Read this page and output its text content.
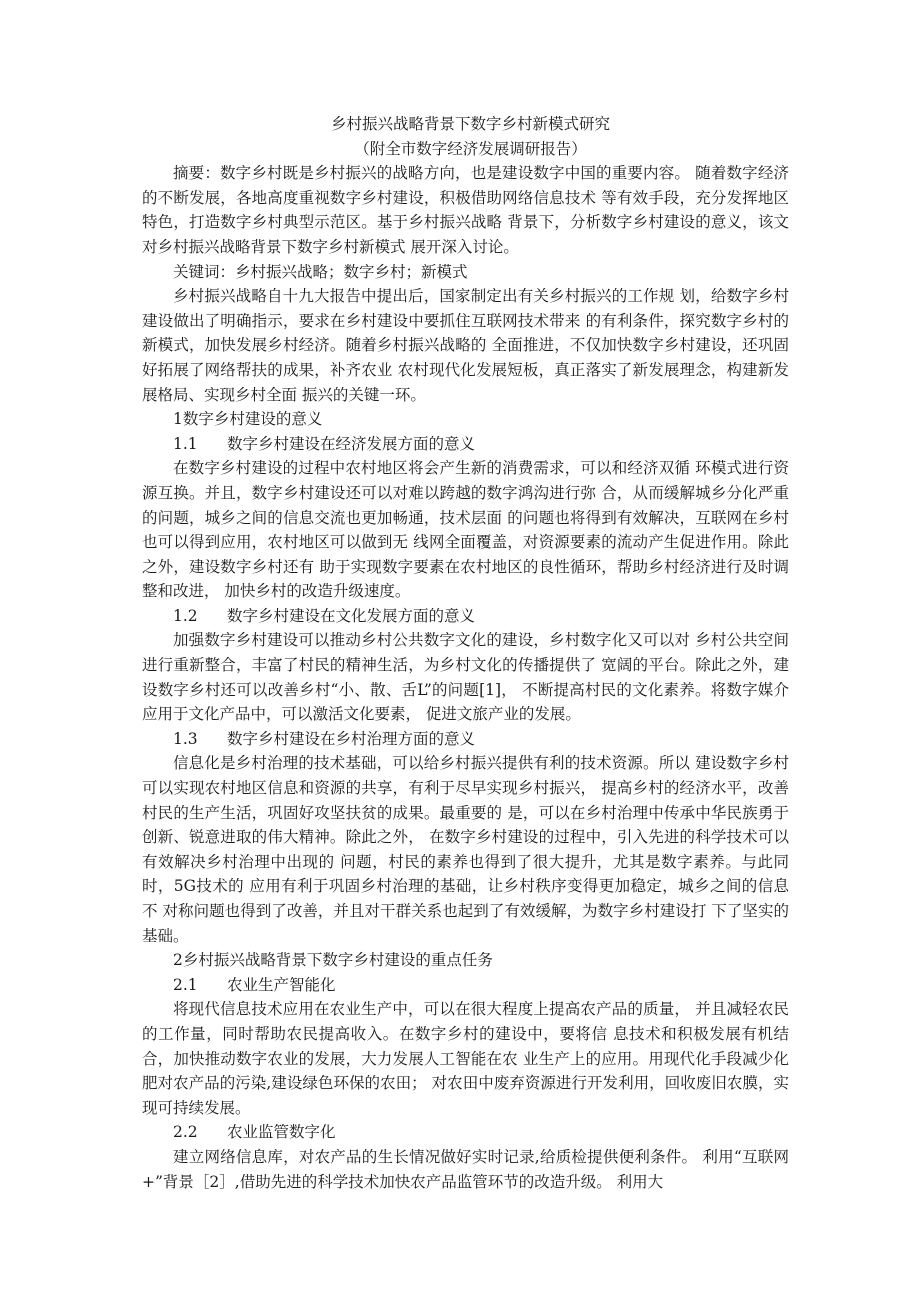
乡村振兴战略背景下数字乡村新模式研究

（附全市数字经济发展调研报告）

摘要：数字乡村既是乡村振兴的战略方向，也是建设数字中国的重要内容。 随着数字经济的不断发展，各地高度重视数字乡村建设，积极借助网络信息技术 等有效手段，充分发挥地区特色，打造数字乡村典型示范区。基于乡村振兴战略 背景下，分析数字乡村建设的意义，该文对乡村振兴战略背景下数字乡村新模式 展开深入讨论。

关键词：乡村振兴战略；数字乡村；新模式

乡村振兴战略自十九大报告中提出后，国家制定出有关乡村振兴的工作规 划，给数字乡村建设做出了明确指示，要求在乡村建设中要抓住互联网技术带来 的有利条件，探究数字乡村的新模式，加快发展乡村经济。随着乡村振兴战略的 全面推进，不仅加快数字乡村建设，还巩固好拓展了网络帮扶的成果，补齐农业 农村现代化发展短板，真正落实了新发展理念，构建新发展格局、实现乡村全面 振兴的关键一环。

1数字乡村建设的意义

1.1 数字乡村建设在经济发展方面的意义

在数字乡村建设的过程中农村地区将会产生新的消费需求，可以和经济双循 环模式进行资源互换。并且，数字乡村建设还可以对难以跨越的数字鸿沟进行弥 合，从而缓解城乡分化严重的问题，城乡之间的信息交流也更加畅通，技术层面 的问题也将得到有效解决，互联网在乡村也可以得到应用，农村地区可以做到无 线网全面覆盖，对资源要素的流动产生促进作用。除此之外，建设数字乡村还有 助于实现数字要素在农村地区的良性循环，帮助乡村经济进行及时调整和改进， 加快乡村的改造升级速度。

1.2 数字乡村建设在文化发展方面的意义

加强数字乡村建设可以推动乡村公共数字文化的建设，乡村数字化又可以对 乡村公共空间进行重新整合，丰富了村民的精神生活，为乡村文化的传播提供了 宽阔的平台。除此之外，建设数字乡村还可以改善乡村“小、散、舌L”的问题[1]， 不断提高村民的文化素养。将数字媒介应用于文化产品中，可以激活文化要素， 促进文旅产业的发展。

1.3 数字乡村建设在乡村治理方面的意义

信息化是乡村治理的技术基础，可以给乡村振兴提供有利的技术资源。所以 建设数字乡村可以实现农村地区信息和资源的共享，有利于尽早实现乡村振兴， 提高乡村的经济水平，改善村民的生产生活，巩固好攻坚扶贫的成果。最重要的 是，可以在乡村治理中传承中华民族勇于创新、锐意进取的伟大精神。除此之外， 在数字乡村建设的过程中，引入先进的科学技术可以有效解决乡村治理中出现的 问题，村民的素养也得到了很大提升，尤其是数字素养。与此同时，5G技术的 应用有利于巩固乡村治理的基础，让乡村秩序变得更加稳定，城乡之间的信息不 对称问题也得到了改善，并且对干群关系也起到了有效缓解，为数字乡村建设打 下了坚实的基础。

2乡村振兴战略背景下数字乡村建设的重点任务

2.1 农业生产智能化

将现代信息技术应用在农业生产中，可以在很大程度上提高农产品的质量， 并且减轻农民的工作量，同时帮助农民提高收入。在数字乡村的建设中，要将信 息技术和积极发展有机结合，加快推动数字农业的发展，大力发展人工智能在农 业生产上的应用。用现代化手段减少化肥对农产品的污染,建设绿色环保的农田； 对农田中废弃资源进行开发利用，回收废旧农膜，实现可持续发展。

2.2 农业监管数字化

建立网络信息库，对农产品的生长情况做好实时记录,给质检提供便利条件。 利用“互联网+”背景［2］,借助先进的科学技术加快农产品监管环节的改造升级。 利用大
